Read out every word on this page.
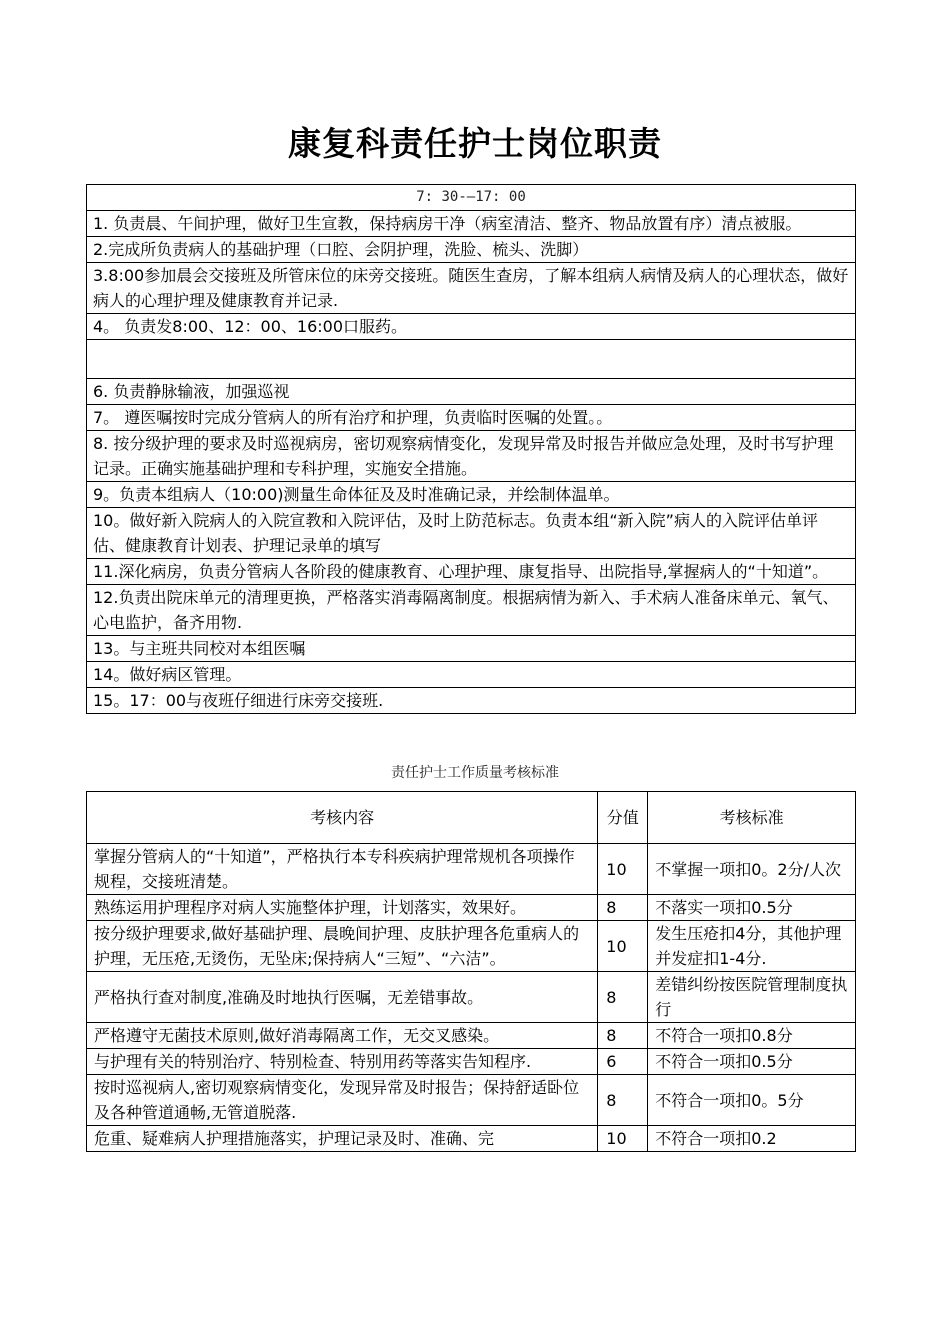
康复科责任护士岗位职责
7: 30-—17: 00
1. 负责晨、午间护理，做好卫生宣教，保持病房干净（病室清洁、整齐、物品放置有序）清点被服。
2.完成所负责病人的基础护理（口腔、会阴护理，洗脸、梳头、洗脚）
3.8:00参加晨会交接班及所管床位的床旁交接班。随医生查房，了解本组病人病情及病人的心理状态，做好病人的心理护理及健康教育并记录.
4。 负责发8:00、12：00、16:00口服药。

6. 负责静脉输液，加强巡视
7。 遵医嘱按时完成分管病人的所有治疗和护理，负责临时医嘱的处置。。
8. 按分级护理的要求及时巡视病房，密切观察病情变化，发现异常及时报告并做应急处理，及时书写护理记录。正确实施基础护理和专科护理，实施安全措施。
9。负责本组病人（10:00)测量生命体征及及时准确记录，并绘制体温单。
10。做好新入院病人的入院宣教和入院评估，及时上防范标志。负责本组“新入院”病人的入院评估单评估、健康教育计划表、护理记录单的填写
11.深化病房，负责分管病人各阶段的健康教育、心理护理、康复指导、出院指导,掌握病人的“十知道”。
12.负责出院床单元的清理更换，严格落实消毒隔离制度。根据病情为新入、手术病人准备床单元、氧气、心电监护，备齐用物.
13。与主班共同校对本组医嘱
14。做好病区管理。
15。17：00与夜班仔细进行床旁交接班.
责任护士工作质量考核标准
考核内容	分值	考核标准
掌握分管病人的“十知道”，严格执行本专科疾病护理常规机各项操作规程，交接班清楚。	10	不掌握一项扣0。2分/人次
熟练运用护理程序对病人实施整体护理，计划落实，效果好。	8	不落实一项扣0.5分
按分级护理要求,做好基础护理、晨晚间护理、皮肤护理各危重病人的护理，无压疮,无烫伤，无坠床;保持病人“三短”、“六洁”。	10	发生压疮扣4分，其他护理并发症扣1-4分.
严格执行查对制度,准确及时地执行医嘱，无差错事故。	8	差错纠纷按医院管理制度执行
严格遵守无菌技术原则,做好消毒隔离工作，无交叉感染。	8	不符合一项扣0.8分
与护理有关的特别治疗、特别检查、特别用药等落实告知程序.	6	不符合一项扣0.5分
按时巡视病人,密切观察病情变化，发现异常及时报告；保持舒适卧位及各种管道通畅,无管道脱落.	8	不符合一项扣0。5分
危重、疑难病人护理措施落实，护理记录及时、准确、完	10	不符合一项扣0.2
